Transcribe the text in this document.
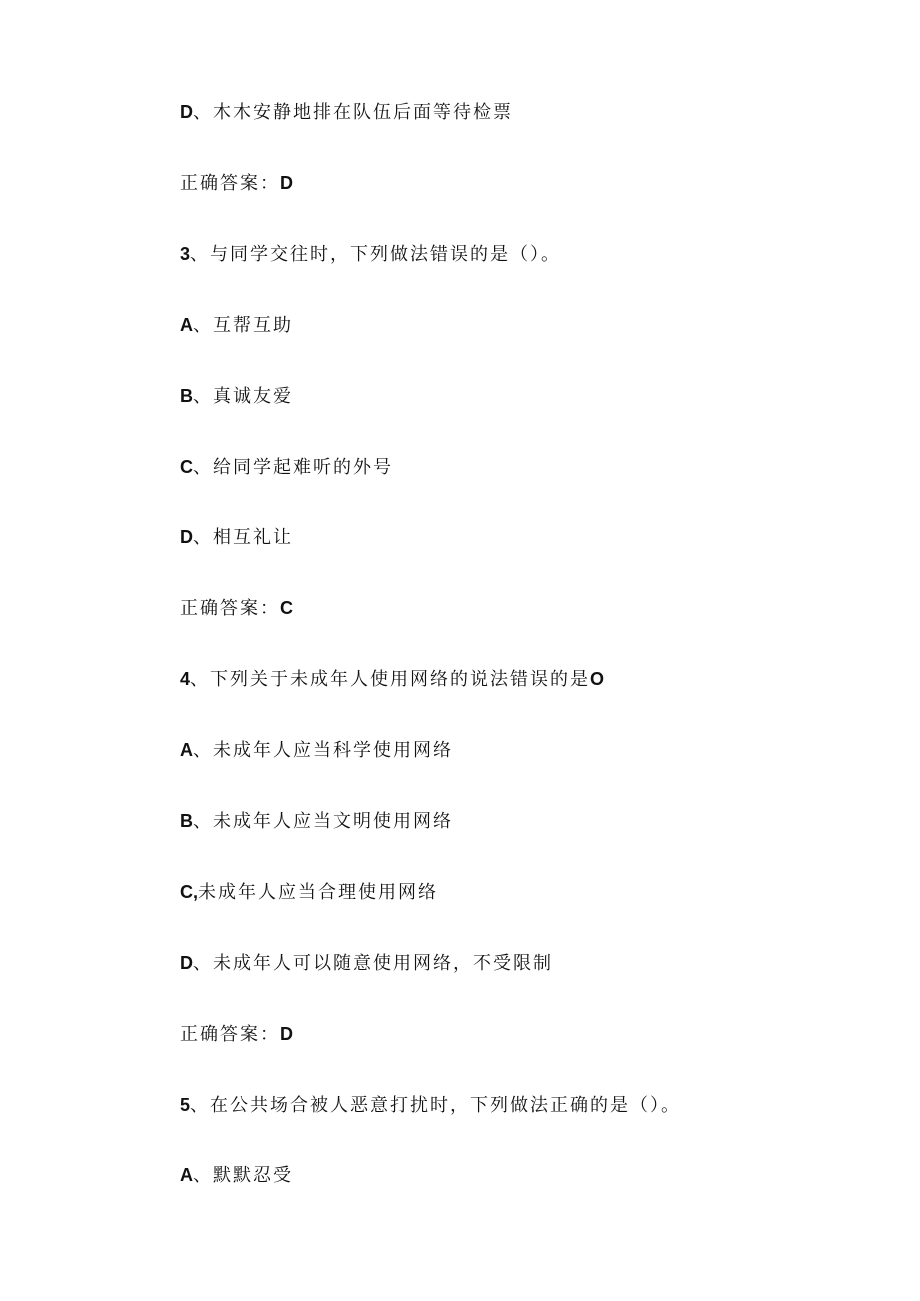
D、木木安静地排在队伍后面等待检票
正确答案：D
3、与同学交往时，下列做法错误的是（）。
A、互帮互助
B、真诚友爱
C、给同学起难听的外号
D、相互礼让
正确答案：C
4、下列关于未成年人使用网络的说法错误的是O
A、未成年人应当科学使用网络
B、未成年人应当文明使用网络
C,未成年人应当合理使用网络
D、未成年人可以随意使用网络，不受限制
正确答案：D
5、在公共场合被人恶意打扰时，下列做法正确的是（）。
A、默默忍受
